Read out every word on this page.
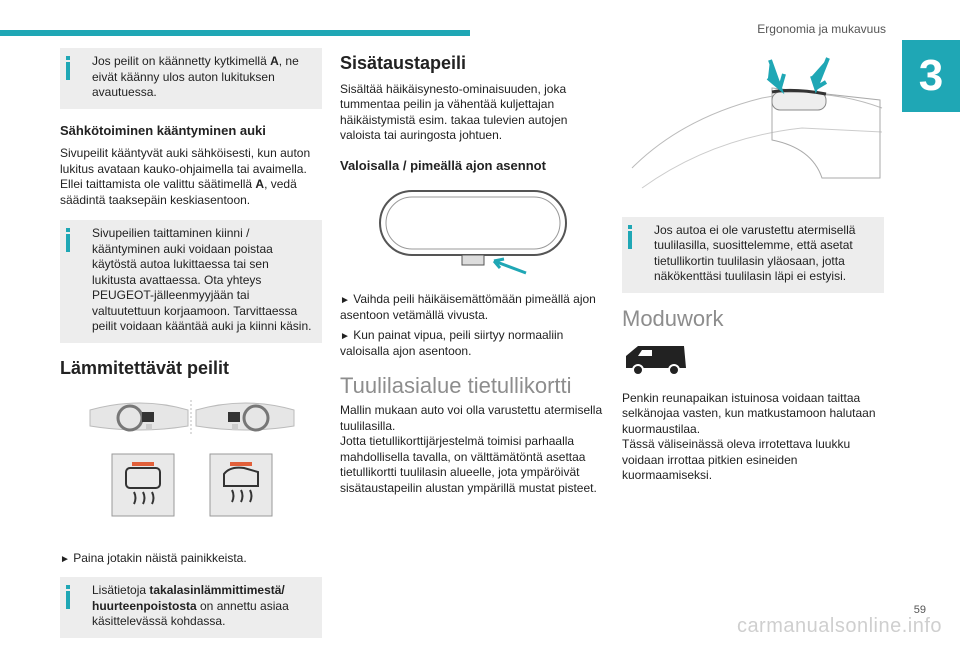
Ergonomia ja mukavuus
3

Jos peilit on käännetty kytkimellä A, ne eivät käänny ulos auton lukituksen avautuessa.

Sähkötoiminen kääntyminen auki

Sivupeilit kääntyvät auki sähköisesti, kun auton lukitus avataan kauko-ohjaimella tai avaimella. Ellei taittamista ole valittu säätimellä A, vedä säädintä taaksepäin keskiasentoon.

Sivupeilien taittaminen kiinni / kääntyminen auki voidaan poistaa käytöstä autoa lukittaessa tai sen lukitusta avattaessa. Ota yhteys PEUGEOT-jälleenmyyjään tai valtuutettuun korjaamoon. Tarvittaessa peilit voidaan kääntää auki ja kiinni käsin.

Lämmitettävät peilit

► Paina jotakin näistä painikkeista.

Lisätietoja takalasinlämmittimestä/ huurteenpoistosta on annettu asiaa käsittelevässä kohdassa.

Sisätaustapeili

Sisältää häikäisynesto-ominaisuuden, joka tummentaa peilin ja vähentää kuljettajan häikäistymistä esim. takaa tulevien autojen valoista tai auringosta johtuen.

Valoisalla / pimeällä ajon asennot

► Vaihda peili häikäisemättömään pimeällä ajon asentoon vetämällä vivusta.

► Kun painat vipua, peili siirtyy normaaliin valoisalla ajon asentoon.

Tuulilasialue tietullikortti

Mallin mukaan auto voi olla varustettu atermisella tuulilasilla.
Jotta tietullikorttijärjestelmä toimisi parhaalla mahdollisella tavalla, on välttämätöntä asettaa tietullikortti tuulilasin alueelle, jota ympäröivät sisätaustapeilin alustan ympärillä mustat pisteet.

Jos autoa ei ole varustettu atermisellä tuulilasilla, suosittelemme, että asetat tietullikortin tuulilasin yläosaan, jotta näkökenttäsi tuulilasin läpi ei estyisi.

Moduwork

Penkin reunapaikan istuinosa voidaan taittaa selkänojaa vasten, kun matkustamoon halutaan kuormaustilaa.
Tässä väliseinässä oleva irrotettava luukku voidaan irrottaa pitkien esineiden kuormaamiseksi.

59
carmanualsonline.info
